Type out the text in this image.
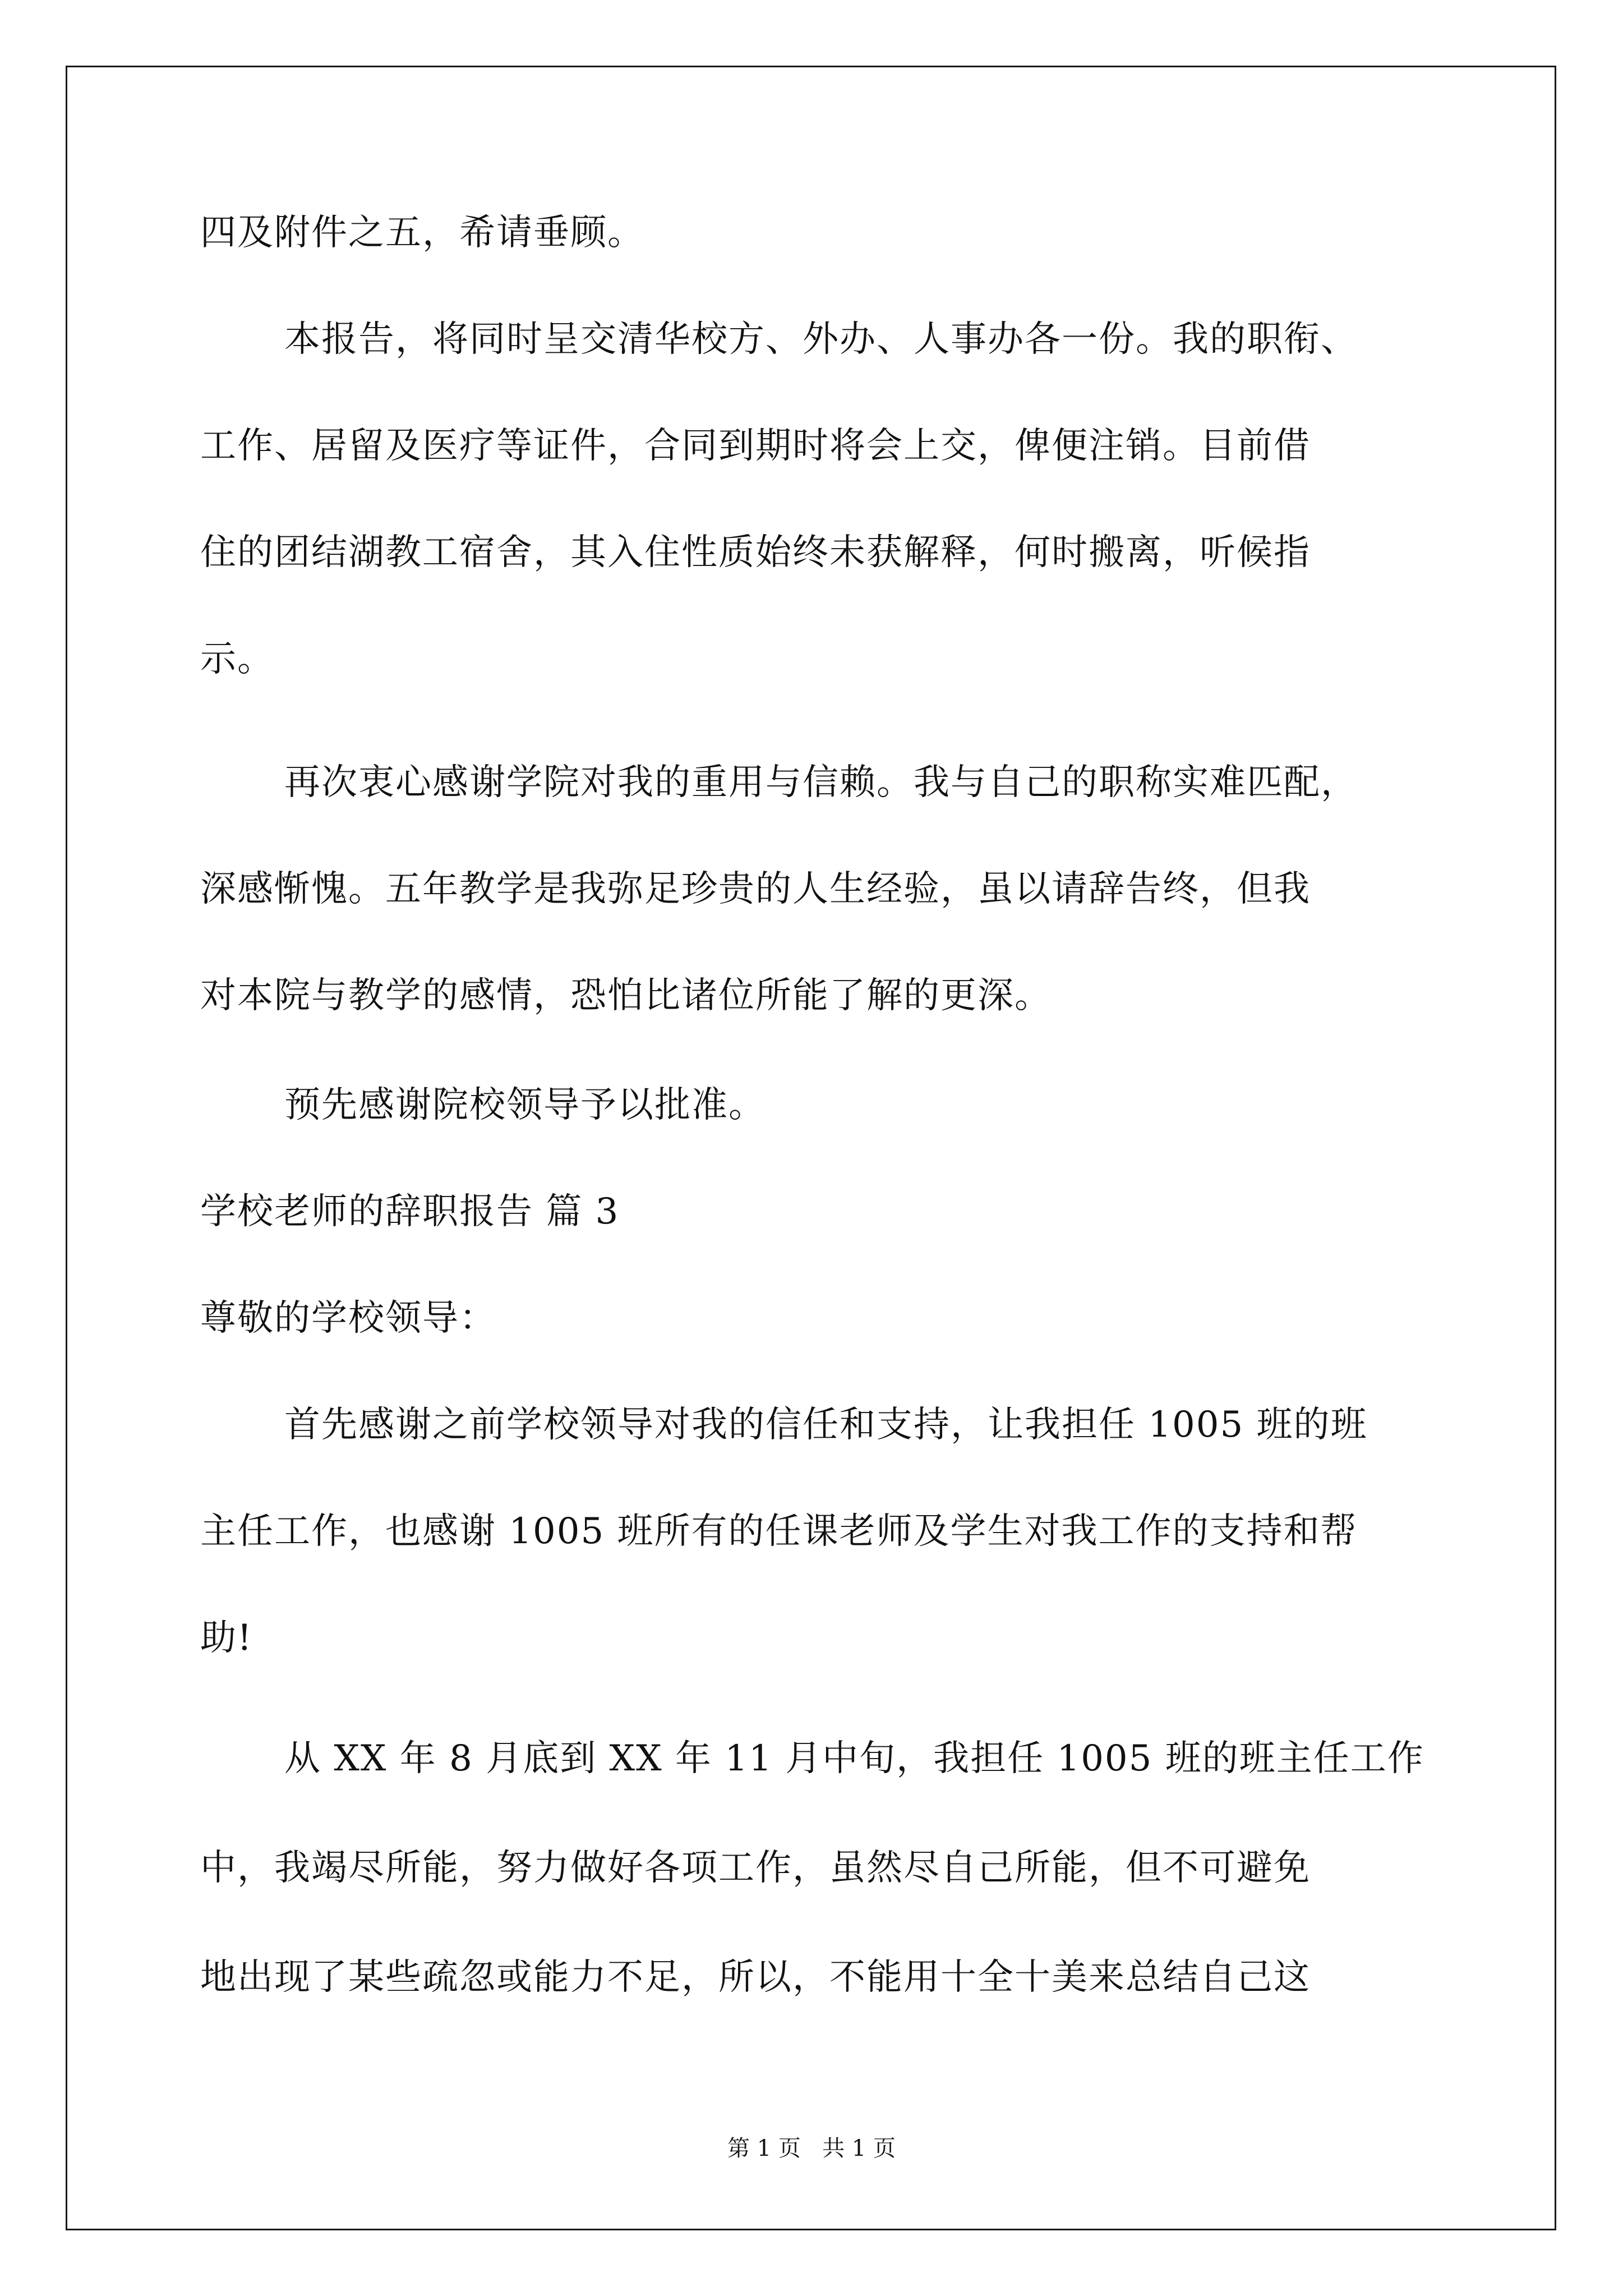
四及附件之五，希请垂顾。
本报告，将同时呈交清华校方、外办、人事办各一份。我的职衔、
工作、居留及医疗等证件，合同到期时将会上交，俾便注销。目前借
住的团结湖教工宿舍，其入住性质始终未获解释，何时搬离，听候指
示。
再次衷心感谢学院对我的重用与信赖。我与自己的职称实难匹配，
深感惭愧。五年教学是我弥足珍贵的人生经验，虽以请辞告终，但我
对本院与教学的感情，恐怕比诸位所能了解的更深。
预先感谢院校领导予以批准。
学校老师的辞职报告 篇 3
尊敬的学校领导：
首先感谢之前学校领导对我的信任和支持，让我担任 1005 班的班
主任工作，也感谢 1005 班所有的任课老师及学生对我工作的支持和帮
助!
从 XX 年 8 月底到 XX 年 11 月中旬，我担任 1005 班的班主任工作
中，我竭尽所能，努力做好各项工作，虽然尽自己所能，但不可避免
地出现了某些疏忽或能力不足，所以，不能用十全十美来总结自己这
第 1 页   共 1 页
